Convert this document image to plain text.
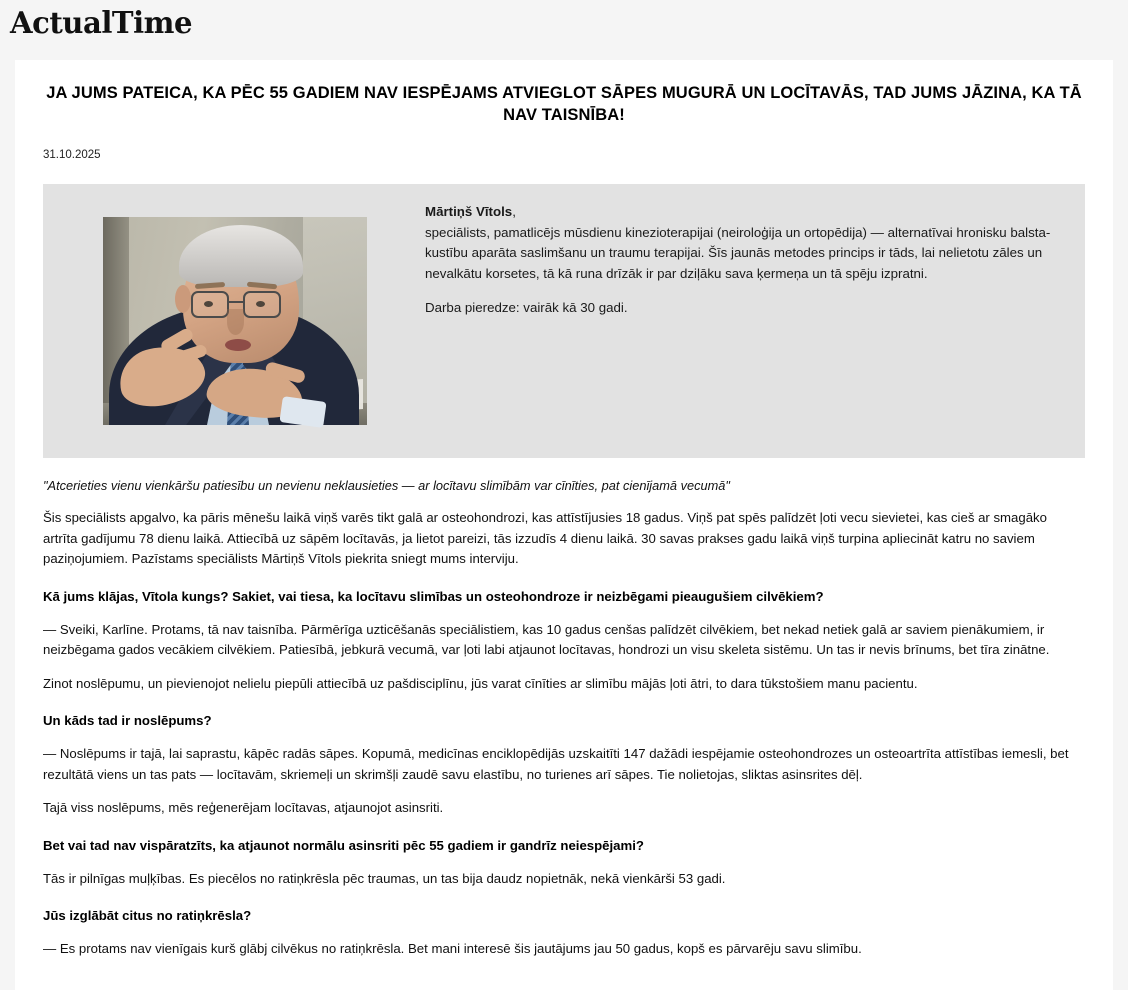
ActualTime
JA JUMS PATEICA, KA PĒC 55 GADIEM NAV IESPĒJAMS ATVIEGLOT SĀPES MUGURĀ UN LOCĪTAVĀS, TAD JUMS JĀZINA, KA TĀ NAV TAISNĪBA!
31.10.2025

Mārtiņš Vītols,
speciālists, pamatlicējs mūsdienu kinezioterapijai (neiroloģija un ortopēdija) — alternatīvai hronisku balsta-kustību aparāta saslimšanu un traumu terapijai. Šīs jaunās metodes princips ir tāds, lai nelietotu zāles un nevalkātu korsetes, tā kā runa drīzāk ir par dziļāku sava ķermeņa un tā spēju izpratni.

Darba pieredze: vairāk kā 30 gadi.

"Atcerieties vienu vienkāršu patiesību un nevienu neklausieties — ar locītavu slimībām var cīnīties, pat cienījamā vecumā"

Šis speciālists apgalvo, ka pāris mēnešu laikā viņš varēs tikt galā ar osteohondrozi, kas attīstījusies 18 gadus. Viņš pat spēs palīdzēt ļoti vecu sievietei, kas cieš ar smagāko artrīta gadījumu 78 dienu laikā. Attiecībā uz sāpēm locītavās, ja lietot pareizi, tās izzudīs 4 dienu laikā. 30 savas prakses gadu laikā viņš turpina apliecināt katru no saviem paziņojumiem. Pazīstams speciālists Mārtiņš Vītols piekrita sniegt mums interviju.

Kā jums klājas, Vītola kungs? Sakiet, vai tiesa, ka locītavu slimības un osteohondroze ir neizbēgami pieaugušiem cilvēkiem?

— Sveiki, Karlīne. Protams, tā nav taisnība. Pārmērīga uzticēšanās speciālistiem, kas 10 gadus cenšas palīdzēt cilvēkiem, bet nekad netiek galā ar saviem pienākumiem, ir neizbēgama gados vecākiem cilvēkiem. Patiesībā, jebkurā vecumā, var ļoti labi atjaunot locītavas, hondrozi un visu skeleta sistēmu. Un tas ir nevis brīnums, bet tīra zinātne.

Zinot noslēpumu, un pievienojot nelielu piepūli attiecībā uz pašdisciplīnu, jūs varat cīnīties ar slimību mājās ļoti ātri, to dara tūkstošiem manu pacientu.

Un kāds tad ir noslēpums?

— Noslēpums ir tajā, lai saprastu, kāpēc radās sāpes. Kopumā, medicīnas enciklopēdijās uzskaitīti 147 dažādi iespējamie osteohondrozes un osteoartrīta attīstības iemesli, bet rezultātā viens un tas pats — locītavām, skriemeļi un skrimšļi zaudē savu elastību, no turienes arī sāpes. Tie nolietojas, sliktas asinsrites dēļ.

Tajā viss noslēpums, mēs reģenerējam locītavas, atjaunojot asinsriti.

Bet vai tad nav vispāratzīts, ka atjaunot normālu asinsriti pēc 55 gadiem ir gandrīz neiespējami?

Tās ir pilnīgas muļķības. Es piecēlos no ratiņkrēsla pēc traumas, un tas bija daudz nopietnāk, nekā vienkārši 53 gadi.

Jūs izglābāt citus no ratiņkrēsla?

— Es protams nav vienīgais kurš glābj cilvēkus no ratiņkrēsla. Bet mani interesē šis jautājums jau 50 gadus, kopš es pārvarēju savu slimību.
